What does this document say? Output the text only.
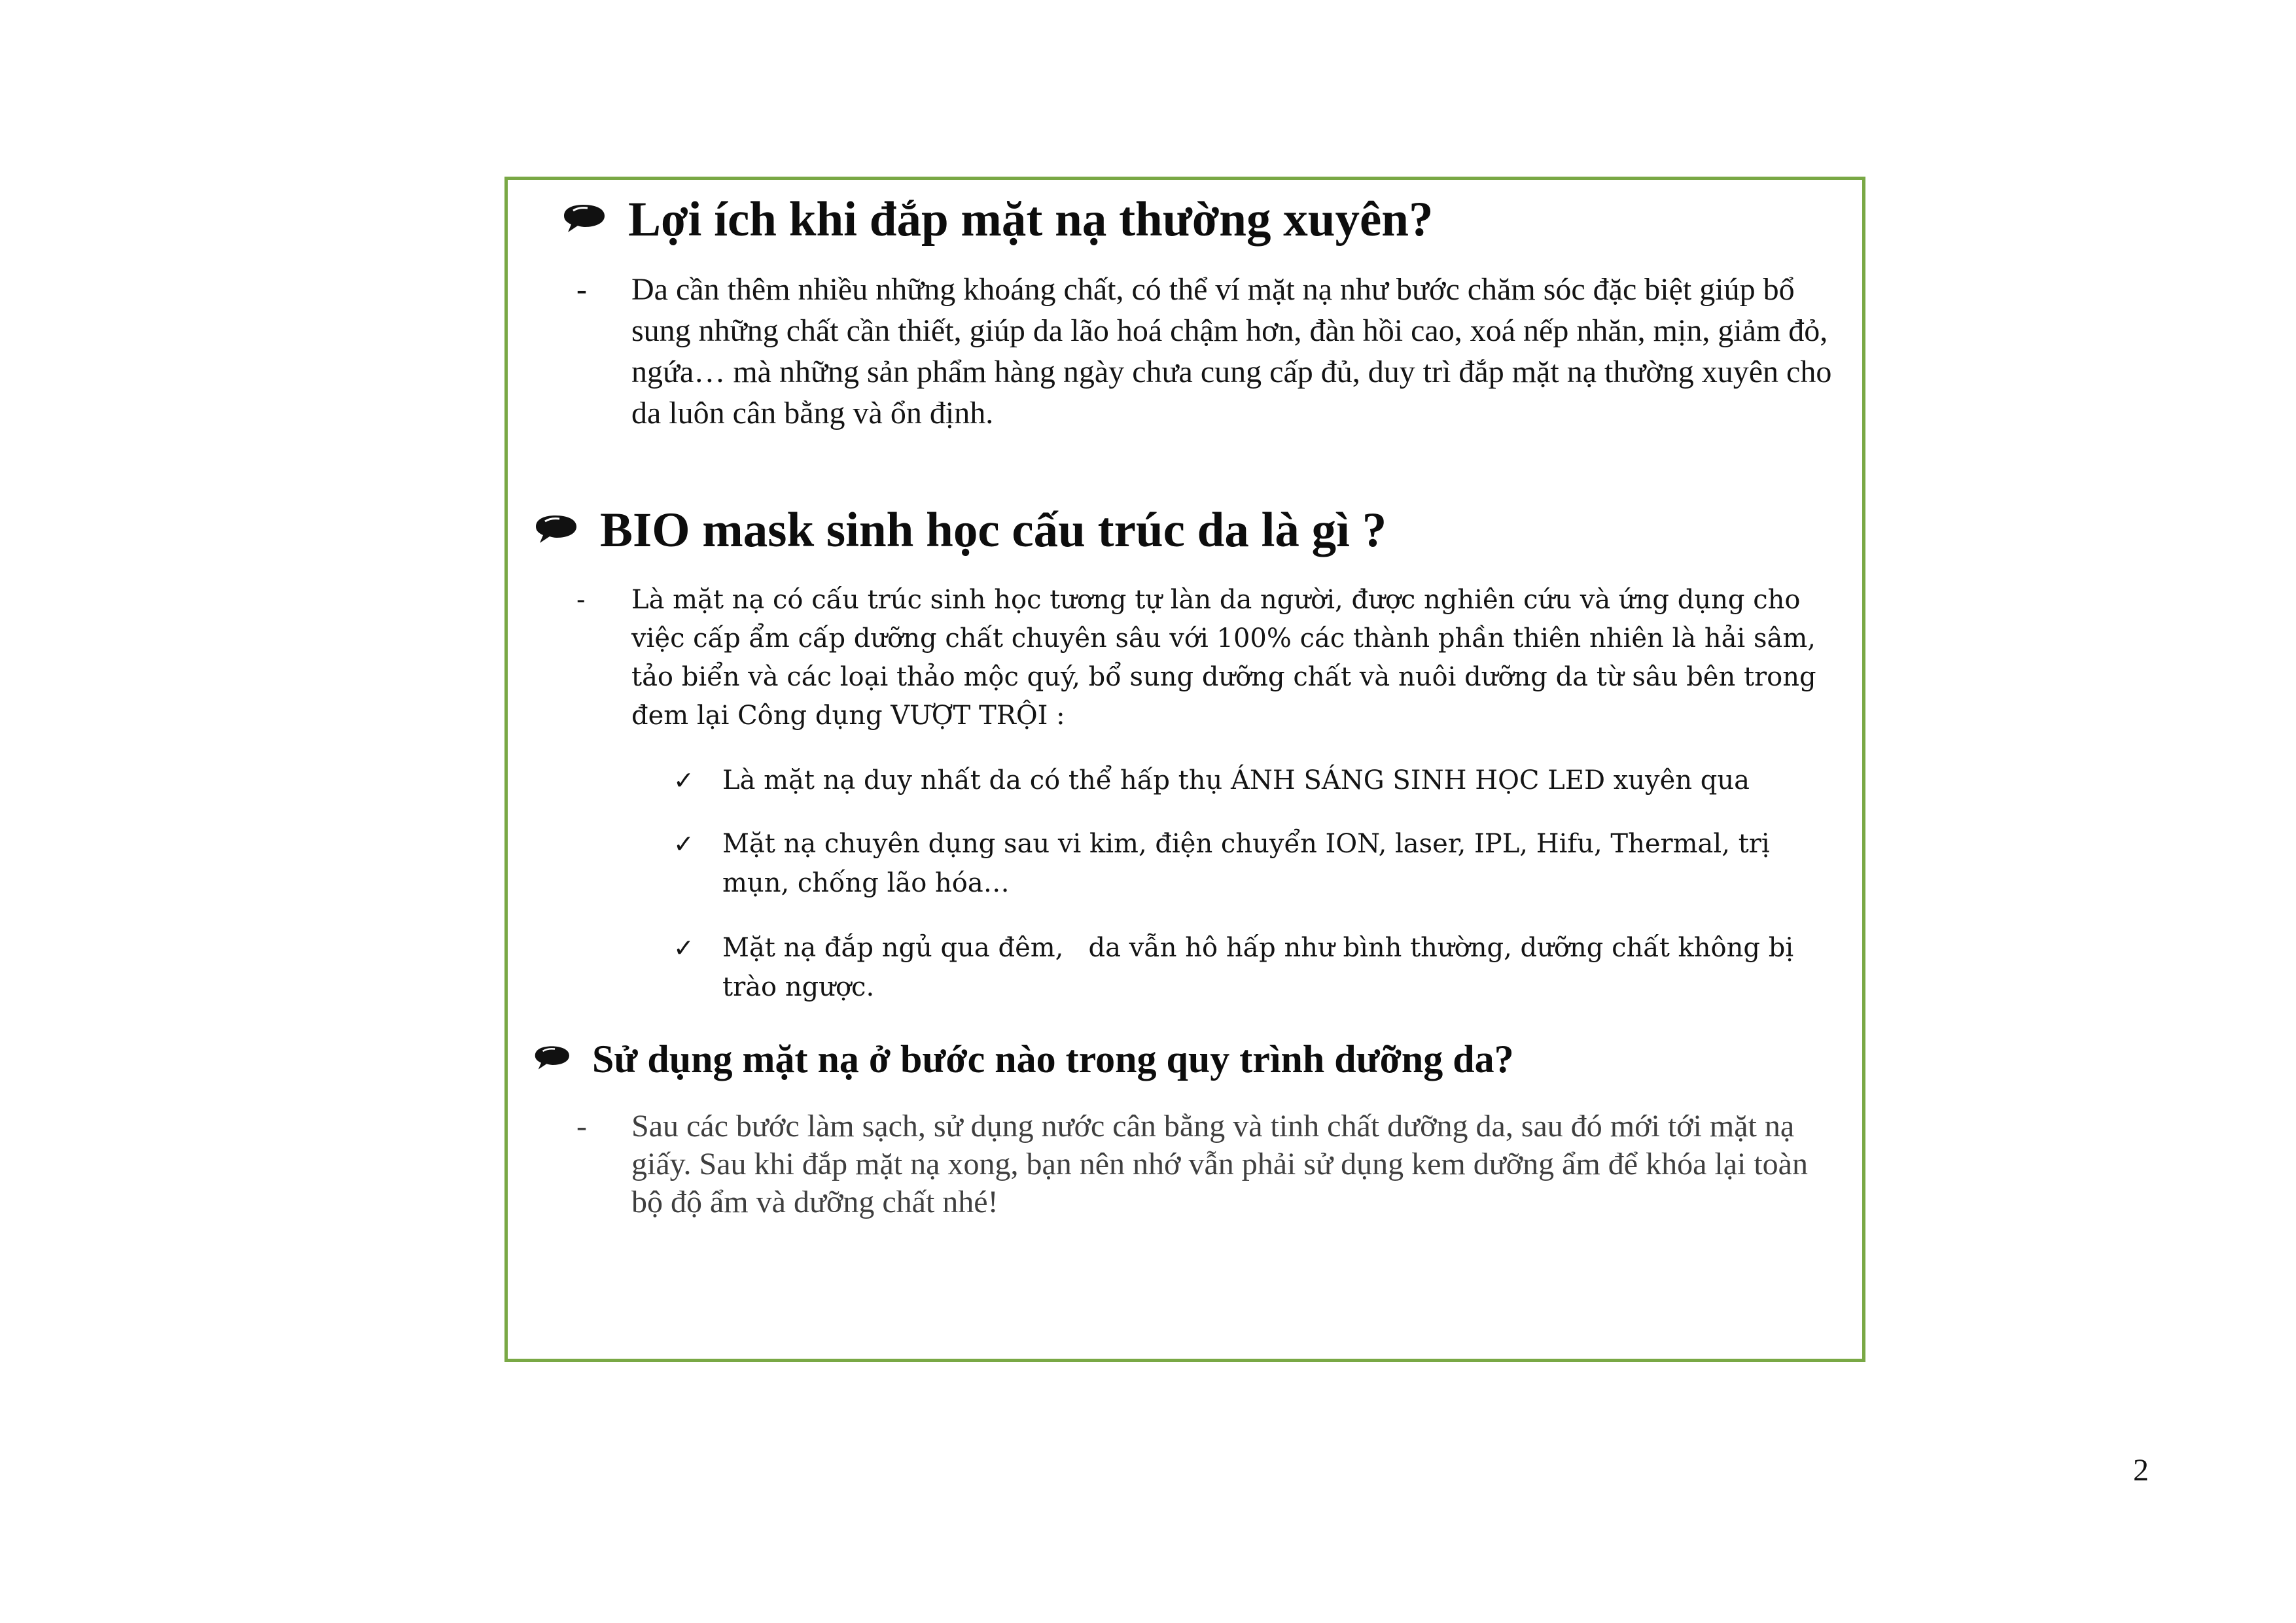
Lợi ích khi đắp mặt nạ thường xuyên?
- Da cần thêm nhiều những khoáng chất, có thể ví mặt nạ như bước chăm sóc đặc biệt giúp bổ sung những chất cần thiết, giúp da lão hoá chậm hơn, đàn hồi cao, xoá nếp nhăn, mịn, giảm đỏ, ngứa… mà những sản phẩm hàng ngày chưa cung cấp đủ, duy trì đắp mặt nạ thường xuyên cho da luôn cân bằng và ổn định.
BIO mask sinh học cấu trúc da là gì ?
- Là mặt nạ có cấu trúc sinh học tương tự làn da người, được nghiên cứu và ứng dụng cho việc cấp ẩm cấp dưỡng chất chuyên sâu với 100% các thành phần thiên nhiên là hải sâm, tảo biển và các loại thảo mộc quý, bổ sung dưỡng chất và nuôi dưỡng da từ sâu bên trong đem lại Công dụng VƯỢT TRỘI :
✓ Là mặt nạ duy nhất da có thể hấp thụ ÁNH SÁNG SINH HỌC LED xuyên qua
✓ Mặt nạ chuyên dụng sau vi kim, điện chuyển ION, laser, IPL, Hifu, Thermal, trị mụn, chống lão hóa…
✓ Mặt nạ đắp ngủ qua đêm,   da vẫn hô hấp như bình thường, dưỡng chất không bị trào ngược.
Sử dụng mặt nạ ở bước nào trong quy trình dưỡng da?
- Sau các bước làm sạch, sử dụng nước cân bằng và tinh chất dưỡng da, sau đó mới tới mặt nạ giấy. Sau khi đắp mặt nạ xong, bạn nên nhớ vẫn phải sử dụng kem dưỡng ẩm để khóa lại toàn bộ độ ẩm và dưỡng chất nhé!
2
